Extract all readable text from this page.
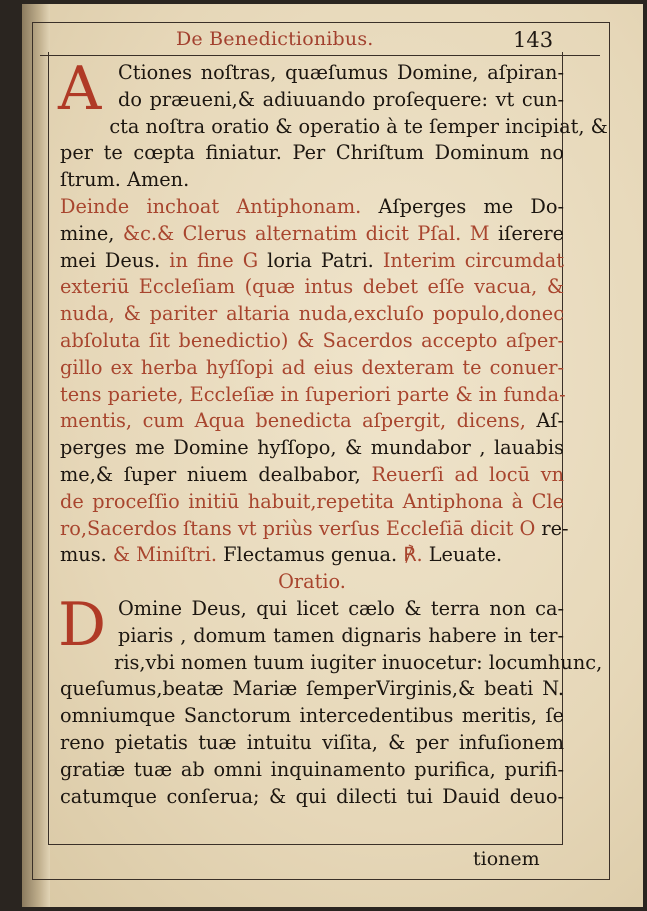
De Benedictionibus.	143
A Ctiones noſtras, quæſumus Domine, aſpiran-
do præueni,& adiuuando proſequere: vt cun-
cta noſtra oratio & operatio à te ſemper incipiat, &
per te cœpta finiatur. Per Chriſtum Dominum no
ſtrum. Amen.
Deinde inchoat Antiphonam. Aſperges me Do-
mine, &c.& Clerus alternatim dicit Pſal. M iſerere
mei Deus. in fine G loria Patri. Interim circumdat
exteriū Eccleſiam (quæ intus debet eſſe vacua, &
nuda, & pariter altaria nuda,excluſo populo,donec
abſoluta ſit benedictio) & Sacerdos accepto aſper-
gillo ex herba hyſſopi ad eius dexteram te conuer-
tens pariete, Eccleſiæ in ſuperiori parte & in funda-
mentis, cum Aqua benedicta aſpergit, dicens, Aſ-
perges me Domine hyſſopo, & mundabor , lauabis
me,& ſuper niuem dealbabor, Reuerſi ad locū vn
de proceſſio initiū habuit,repetita Antiphona à Cle
ro,Sacerdos ſtans vt priùs verſus Eccleſiā dicit O re-
mus. & Miniſtri. Flectamus genua. ℟. Leuate.
Oratio.
D Omine Deus, qui licet cælo & terra non ca-
piaris , domum tamen dignaris habere in ter-
ris,vbi nomen tuum iugiter inuocetur: locumhunc,
queſumus,beatæ Mariæ ſemperVirginis,& beati N.
omniumque Sanctorum intercedentibus meritis, ſe
reno pietatis tuæ intuitu viſita, & per infuſionem
gratiæ tuæ ab omni inquinamento purifica, purifi-
catumque conſerua; & qui dilecti tui Dauid deuo-
tionem
